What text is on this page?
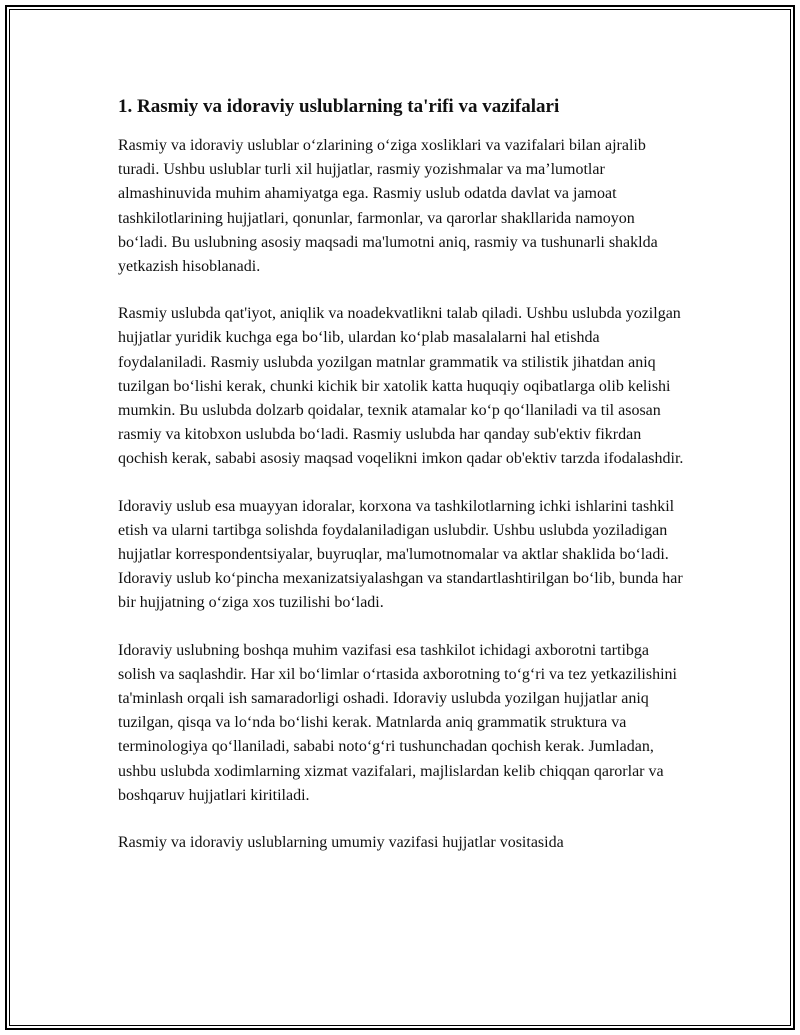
1. Rasmiy va idoraviy uslublarning ta'rifi va vazifalari

Rasmiy va idoraviy uslublar o‘zlarining o‘ziga xosliklari va vazifalari bilan ajralib turadi. Ushbu uslublar turli xil hujjatlar, rasmiy yozishmalar va ma’lumotlar almashinuvida muhim ahamiyatga ega. Rasmiy uslub odatda davlat va jamoat tashkilotlarining hujjatlari, qonunlar, farmonlar, va qarorlar shakllarida namoyon bo‘ladi. Bu uslubning asosiy maqsadi ma'lumotni aniq, rasmiy va tushunarli shaklda yetkazish hisoblanadi.

Rasmiy uslubda qat'iyot, aniqlik va noadekvatlikni talab qiladi. Ushbu uslubda yozilgan hujjatlar yuridik kuchga ega bo‘lib, ulardan ko‘plab masalalarni hal etishda foydalaniladi. Rasmiy uslubda yozilgan matnlar grammatik va stilistik jihatdan aniq tuzilgan bo‘lishi kerak, chunki kichik bir xatolik katta huquqiy oqibatlarga olib kelishi mumkin. Bu uslubda dolzarb qoidalar, texnik atamalar ko‘p qo‘llaniladi va til asosan rasmiy va kitobxon uslubda bo‘ladi. Rasmiy uslubda har qanday sub'ektiv fikrdan qochish kerak, sababi asosiy maqsad voqelikni imkon qadar ob'ektiv tarzda ifodalashdir.

Idoraviy uslub esa muayyan idoralar, korxona va tashkilotlarning ichki ishlarini tashkil etish va ularni tartibga solishda foydalaniladigan uslubdir. Ushbu uslubda yoziladigan hujjatlar korrespondentsiyalar, buyruqlar, ma'lumotnomalar va aktlar shaklida bo‘ladi. Idoraviy uslub ko‘pincha mexanizatsiyalashgan va standartlashtirilgan bo‘lib, bunda har bir hujjatning o‘ziga xos tuzilishi bo‘ladi.

Idoraviy uslubning boshqa muhim vazifasi esa tashkilot ichidagi axborotni tartibga solish va saqlashdir. Har xil bo‘limlar o‘rtasida axborotning to‘g‘ri va tez yetkazilishini ta'minlash orqali ish samaradorligi oshadi. Idoraviy uslubda yozilgan hujjatlar aniq tuzilgan, qisqa va lo‘nda bo‘lishi kerak. Matnlarda aniq grammatik struktura va terminologiya qo‘llaniladi, sababi noto‘g‘ri tushunchadan qochish kerak. Jumladan, ushbu uslubda xodimlarning xizmat vazifalari, majlislardan kelib chiqqan qarorlar va boshqaruv hujjatlari kiritiladi.

Rasmiy va idoraviy uslublarning umumiy vazifasi hujjatlar vositasida
